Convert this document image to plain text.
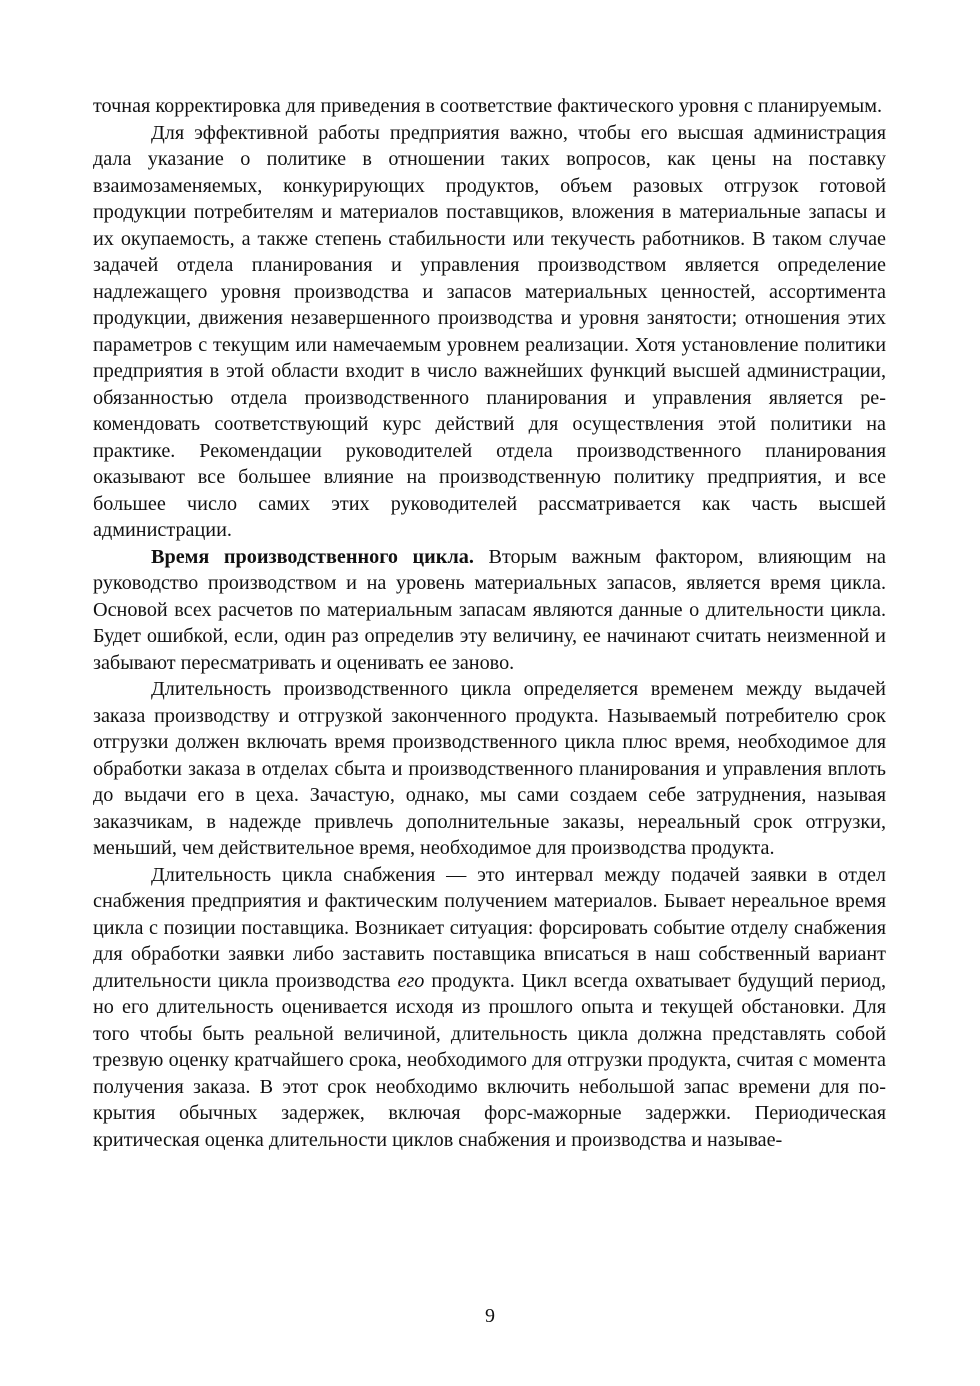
точная корректировка для приведения в соответствие фактического уровня с планируемым.

Для эффективной работы предприятия важно, чтобы его высшая администрация дала указание о политике в отношении таких вопросов, как цены на поставку взаимозаменяемых, конкурирующих продуктов, объем разовых отгрузок готовой продукции потребителям и материалов поставщиков, вложения в материальные запасы и их окупаемость, а также степень стабильности или текучесть работников. В таком случае задачей отдела планирования и управления производством является определение надлежащего уровня производства и запасов материальных ценностей, ассортимента продукции, движения незавершенного производства и уровня занятости; отношения этих параметров с текущим или намечаемым уровнем реализации. Хотя установление политики предприятия в этой области входит в число важнейших функций высшей администрации, обязанностью отдела производственного планирования и управления является рекомендовать соответствующий курс действий для осуществления этой политики на практике. Рекомендации руководителей отдела производственного планирования оказывают все большее влияние на производственную политику предприятия, и все большее число самих этих руководителей рассматривается как часть высшей администрации.

Время производственного цикла. Вторым важным фактором, влияющим на руководство производством и на уровень материальных запасов, является время цикла. Основой всех расчетов по материальным запасам являются данные о длительности цикла. Будет ошибкой, если, один раз определив эту величину, ее начинают считать неизменной и забывают пересматривать и оценивать ее заново.

Длительность производственного цикла определяется временем между выдачей заказа производству и отгрузкой законченного продукта. Называемый потребителю срок отгрузки должен включать время производственного цикла плюс время, необходимое для обработки заказа в отделах сбыта и производственного планирования и управления вплоть до выдачи его в цеха. Зачастую, однако, мы сами создаем себе затруднения, называя заказчикам, в надежде привлечь дополнительные заказы, нереальный срок отгрузки, меньший, чем действительное время, необходимое для производства продукта.

Длительность цикла снабжения — это интервал между подачей заявки в отдел снабжения предприятия и фактическим получением материалов. Бывает нереальное время цикла с позиции поставщика. Возникает ситуация: форсировать событие отделу снабжения для обработки заявки либо заставить поставщика вписаться в наш собственный вариант длительности цикла производства его продукта. Цикл всегда охватывает будущий период, но его длительность оценивается исходя из прошлого опыта и текущей обстановки. Для того чтобы быть реальной величиной, длительность цикла должна представлять собой трезвую оценку кратчайшего срока, необходимого для отгрузки продукта, считая с момента получения заказа. В этот срок необходимо включить небольшой запас времени для покрытия обычных задержек, включая форс-мажорные задержки. Периодическая критическая оценка длительности циклов снабжения и производства и называе-

9
